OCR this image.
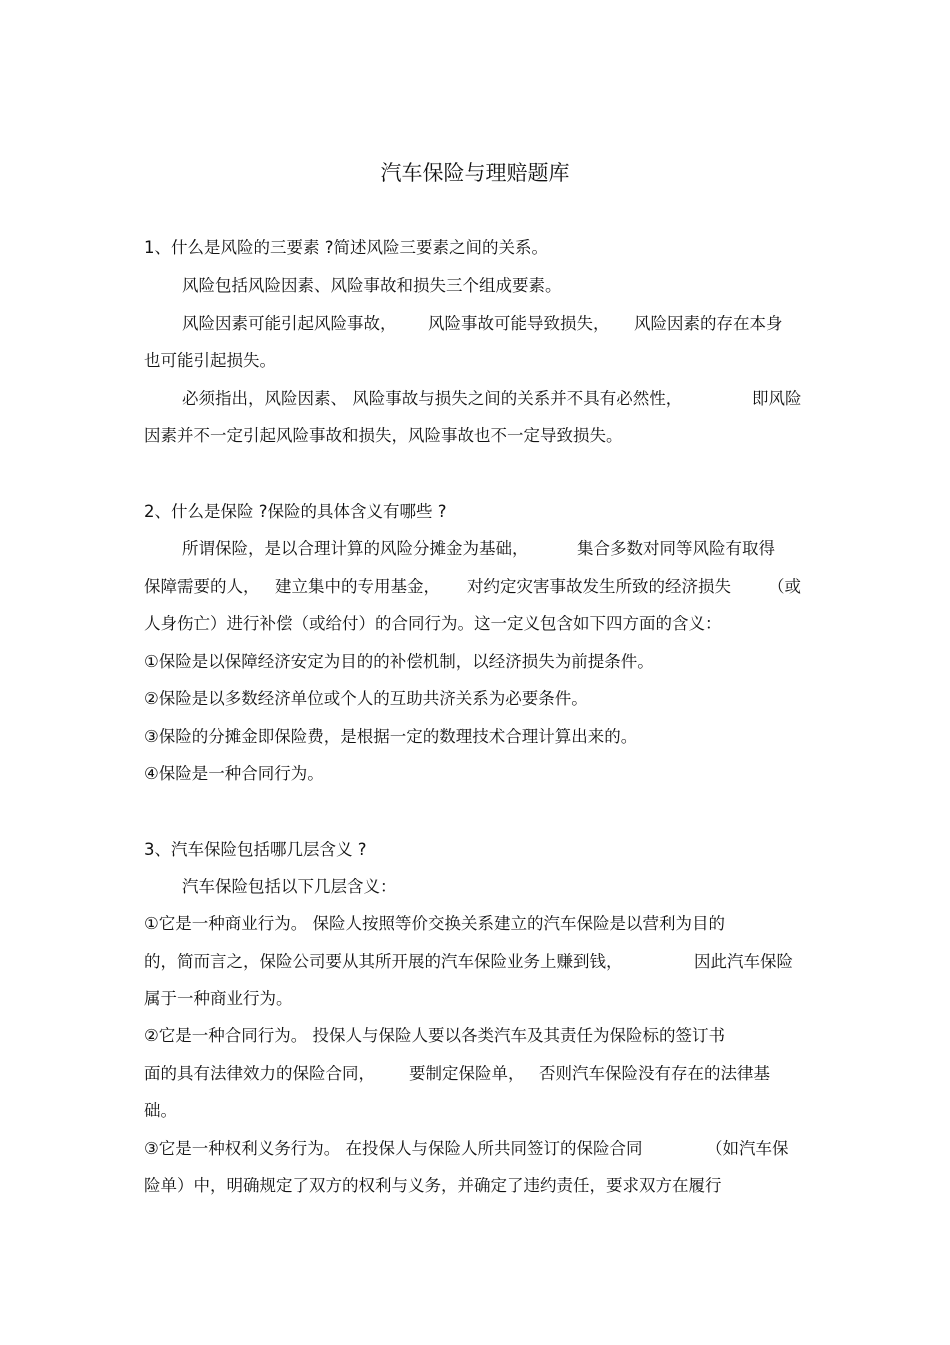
汽车保险与理赔题库
1、什么是风险的三要素 ?简述风险三要素之间的关系。
风险包括风险因素、风险事故和损失三个组成要素。
风险因素可能引起风险事故， 风险事故可能导致损失， 风险因素的存在本身
也可能引起损失。
必须指出，风险因素、 风险事故与损失之间的关系并不具有必然性，	即风险
因素并不一定引起风险事故和损失，风险事故也不一定导致损失。
2、什么是保险 ?保险的具体含义有哪些 ?
所谓保险，是以合理计算的风险分摊金为基础，	集合多数对同等风险有取得
保障需要的人， 建立集中的专用基金， 对约定灾害事故发生所致的经济损失 （或
人身伤亡）进行补偿（或给付）的合同行为。这一定义包含如下四方面的含义：
①保险是以保障经济安定为目的的补偿机制，以经济损失为前提条件。
②保险是以多数经济单位或个人的互助共济关系为必要条件。
③保险的分摊金即保险费，是根据一定的数理技术合理计算出来的。
④保险是一种合同行为。
3、汽车保险包括哪几层含义 ?
汽车保险包括以下几层含义：
①它是一种商业行为。 保险人按照等价交换关系建立的汽车保险是以营利为目的
的，简而言之，保险公司要从其所开展的汽车保险业务上赚到钱，	因此汽车保险
属于一种商业行为。
②它是一种合同行为。 投保人与保险人要以各类汽车及其责任为保险标的签订书
面的具有法律效力的保险合同， 要制定保险单， 否则汽车保险没有存在的法律基
础。
③它是一种权利义务行为。 在投保人与保险人所共同签订的保险合同	（如汽车保
险单）中，明确规定了双方的权利与义务，并确定了违约责任，要求双方在履行
